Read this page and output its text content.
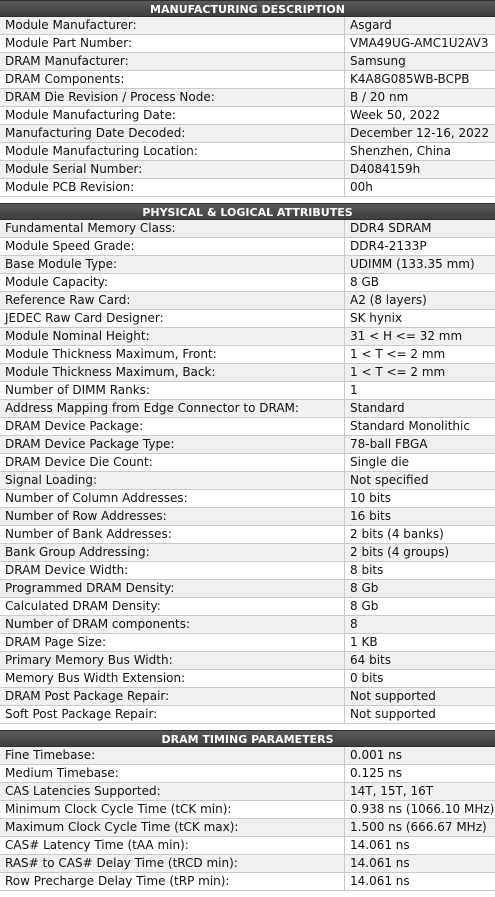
MANUFACTURING DESCRIPTION
Module Manufacturer:	Asgard
Module Part Number:	VMA49UG-AMC1U2AV3
DRAM Manufacturer:	Samsung
DRAM Components:	K4A8G085WB-BCPB
DRAM Die Revision / Process Node:	B / 20 nm
Module Manufacturing Date:	Week 50, 2022
Manufacturing Date Decoded:	December 12-16, 2022
Module Manufacturing Location:	Shenzhen, China
Module Serial Number:	D4084159h
Module PCB Revision:	00h
PHYSICAL & LOGICAL ATTRIBUTES
Fundamental Memory Class:	DDR4 SDRAM
Module Speed Grade:	DDR4-2133P
Base Module Type:	UDIMM (133.35 mm)
Module Capacity:	8 GB
Reference Raw Card:	A2 (8 layers)
JEDEC Raw Card Designer:	SK hynix
Module Nominal Height:	31 < H <= 32 mm
Module Thickness Maximum, Front:	1 < T <= 2 mm
Module Thickness Maximum, Back:	1 < T <= 2 mm
Number of DIMM Ranks:	1
Address Mapping from Edge Connector to DRAM:	Standard
DRAM Device Package:	Standard Monolithic
DRAM Device Package Type:	78-ball FBGA
DRAM Device Die Count:	Single die
Signal Loading:	Not specified
Number of Column Addresses:	10 bits
Number of Row Addresses:	16 bits
Number of Bank Addresses:	2 bits (4 banks)
Bank Group Addressing:	2 bits (4 groups)
DRAM Device Width:	8 bits
Programmed DRAM Density:	8 Gb
Calculated DRAM Density:	8 Gb
Number of DRAM components:	8
DRAM Page Size:	1 KB
Primary Memory Bus Width:	64 bits
Memory Bus Width Extension:	0 bits
DRAM Post Package Repair:	Not supported
Soft Post Package Repair:	Not supported
DRAM TIMING PARAMETERS
Fine Timebase:	0.001 ns
Medium Timebase:	0.125 ns
CAS Latencies Supported:	14T, 15T, 16T
Minimum Clock Cycle Time (tCK min):	0.938 ns (1066.10 MHz)
Maximum Clock Cycle Time (tCK max):	1.500 ns (666.67 MHz)
CAS# Latency Time (tAA min):	14.061 ns
RAS# to CAS# Delay Time (tRCD min):	14.061 ns
Row Precharge Delay Time (tRP min):	14.061 ns
